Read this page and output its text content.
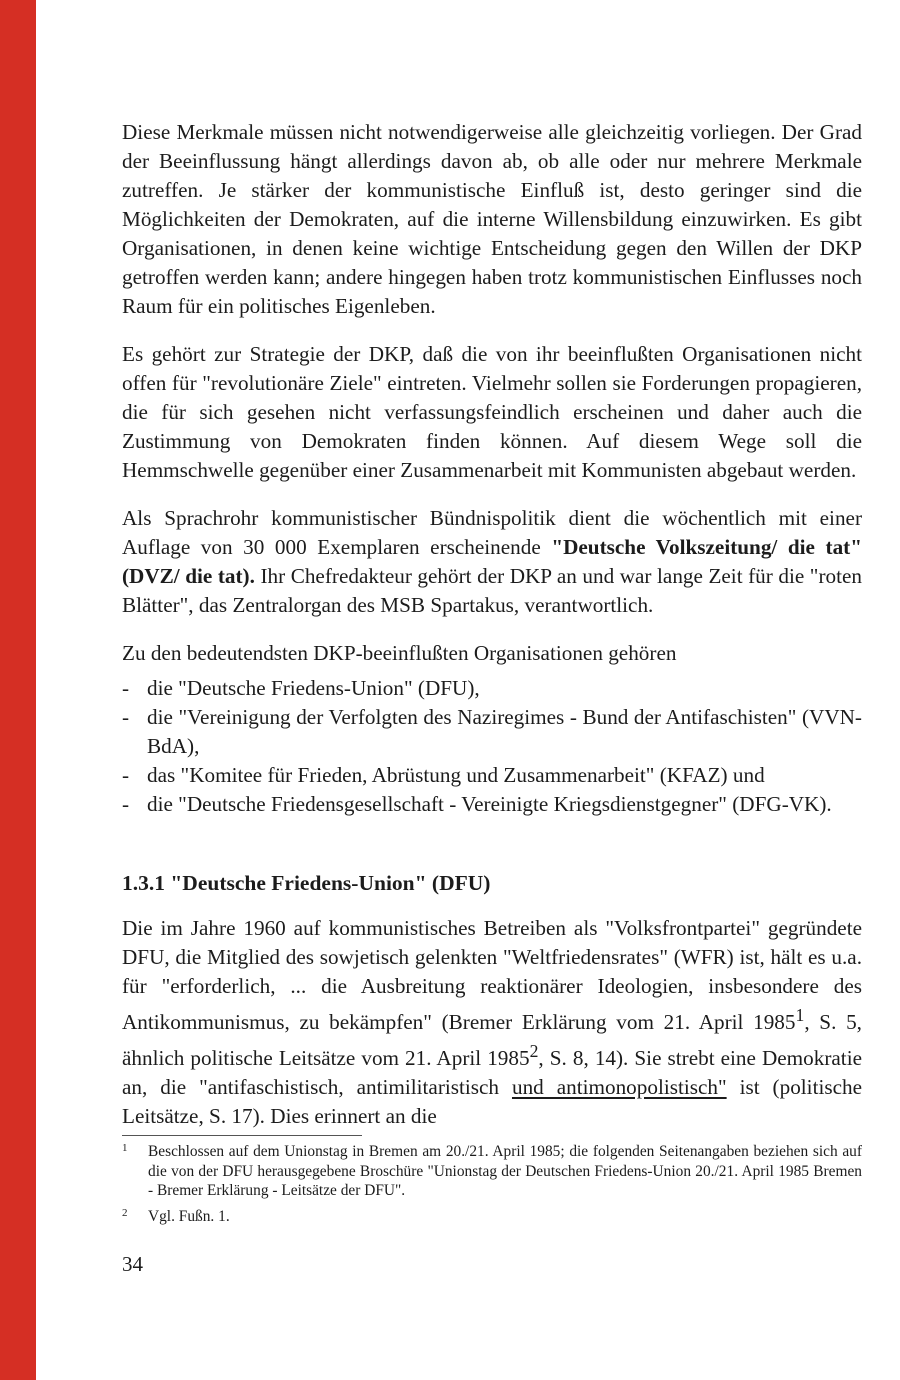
Diese Merkmale müssen nicht notwendigerweise alle gleichzeitig vorliegen. Der Grad der Beeinflussung hängt allerdings davon ab, ob alle oder nur mehrere Merkmale zutreffen. Je stärker der kommunistische Einfluß ist, desto geringer sind die Möglichkeiten der Demokraten, auf die interne Willensbildung einzuwirken. Es gibt Organisationen, in denen keine wichtige Entscheidung gegen den Willen der DKP getroffen werden kann; andere hingegen haben trotz kommunistischen Einflusses noch Raum für ein politisches Eigenleben.

Es gehört zur Strategie der DKP, daß die von ihr beeinflußten Organisationen nicht offen für "revolutionäre Ziele" eintreten. Vielmehr sollen sie Forderungen propagieren, die für sich gesehen nicht verfassungsfeindlich erscheinen und daher auch die Zustimmung von Demokraten finden können. Auf diesem Wege soll die Hemmschwelle gegenüber einer Zusammenarbeit mit Kommunisten abgebaut werden.

Als Sprachrohr kommunistischer Bündnispolitik dient die wöchentlich mit einer Auflage von 30 000 Exemplaren erscheinende "Deutsche Volkszeitung/ die tat" (DVZ/ die tat). Ihr Chefredakteur gehört der DKP an und war lange Zeit für die "roten Blätter", das Zentralorgan des MSB Spartakus, verantwortlich.

Zu den bedeutendsten DKP-beeinflußten Organisationen gehören

- die "Deutsche Friedens-Union" (DFU),
- die "Vereinigung der Verfolgten des Naziregimes - Bund der Antifaschisten" (VVN-BdA),
- das "Komitee für Frieden, Abrüstung und Zusammenarbeit" (KFAZ) und
- die "Deutsche Friedensgesellschaft - Vereinigte Kriegsdienstgegner" (DFG-VK).
1.3.1 "Deutsche Friedens-Union" (DFU)

Die im Jahre 1960 auf kommunistisches Betreiben als "Volksfrontpartei" gegründete DFU, die Mitglied des sowjetisch gelenkten "Weltfriedensrates" (WFR) ist, hält es u.a. für "erforderlich, ... die Ausbreitung reaktionärer Ideologien, insbesondere des Antikommunismus, zu bekämpfen" (Bremer Erklärung vom 21. April 1985$^1$, S. 5, ähnlich politische Leitsätze vom 21. April 1985$^2$, S. 8, 14). Sie strebt eine Demokratie an, die "antifaschistisch, antimilitaristisch und antimonopolistisch" ist (politische Leitsätze, S. 17). Dies erinnert an die

1 Beschlossen auf dem Unionstag in Bremen am 20./21. April 1985; die folgenden Seitenangaben beziehen sich auf die von der DFU herausgegebene Broschüre "Unionstag der Deutschen Friedens-Union 20./21. April 1985 Bremen - Bremer Erklärung - Leitsätze der DFU".
2 Vgl. Fußn. 1.
34
